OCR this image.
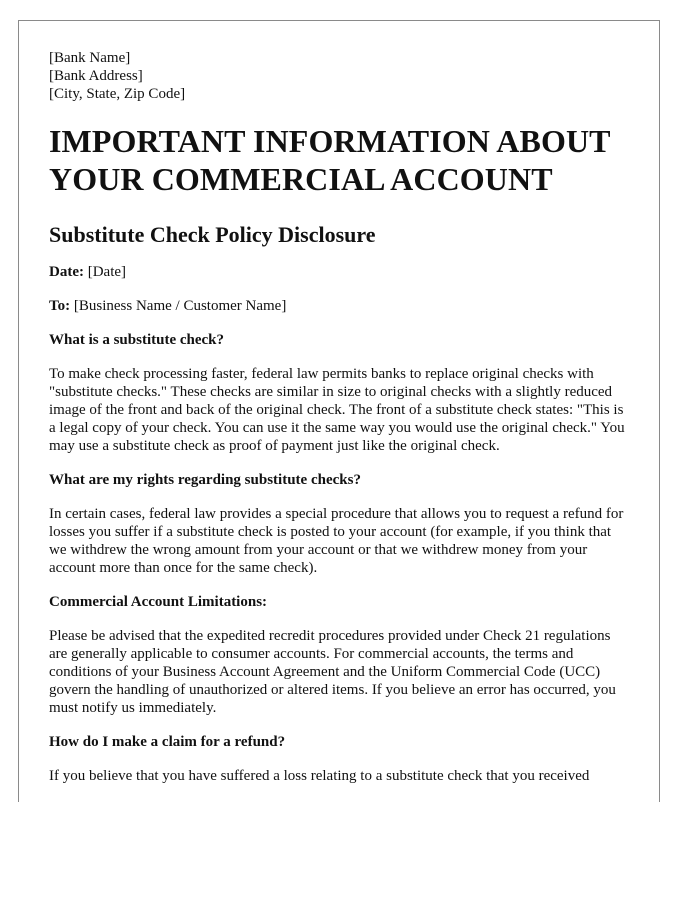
[Bank Name]

[Bank Address]

[City, State, Zip Code]

IMPORTANT INFORMATION ABOUT YOUR COMMERCIAL ACCOUNT
Substitute Check Policy Disclosure

Date: [Date]

To: [Business Name / Customer Name]

What is a substitute check?

To make check processing faster, federal law permits banks to replace original checks with "substitute checks." These checks are similar in size to original checks with a slightly reduced image of the front and back of the original check. The front of a substitute check states: "This is a legal copy of your check. You can use it the same way you would use the original check." You may use a substitute check as proof of payment just like the original check.

What are my rights regarding substitute checks?

In certain cases, federal law provides a special procedure that allows you to request a refund for losses you suffer if a substitute check is posted to your account (for example, if you think that we withdrew the wrong amount from your account or that we withdrew money from your account more than once for the same check).

Commercial Account Limitations:

Please be advised that the expedited recredit procedures provided under Check 21 regulations are generally applicable to consumer accounts. For commercial accounts, the terms and conditions of your Business Account Agreement and the Uniform Commercial Code (UCC) govern the handling of unauthorized or altered items. If you believe an error has occurred, you must notify us immediately.

How do I make a claim for a refund?

If you believe that you have suffered a loss relating to a substitute check that you received
